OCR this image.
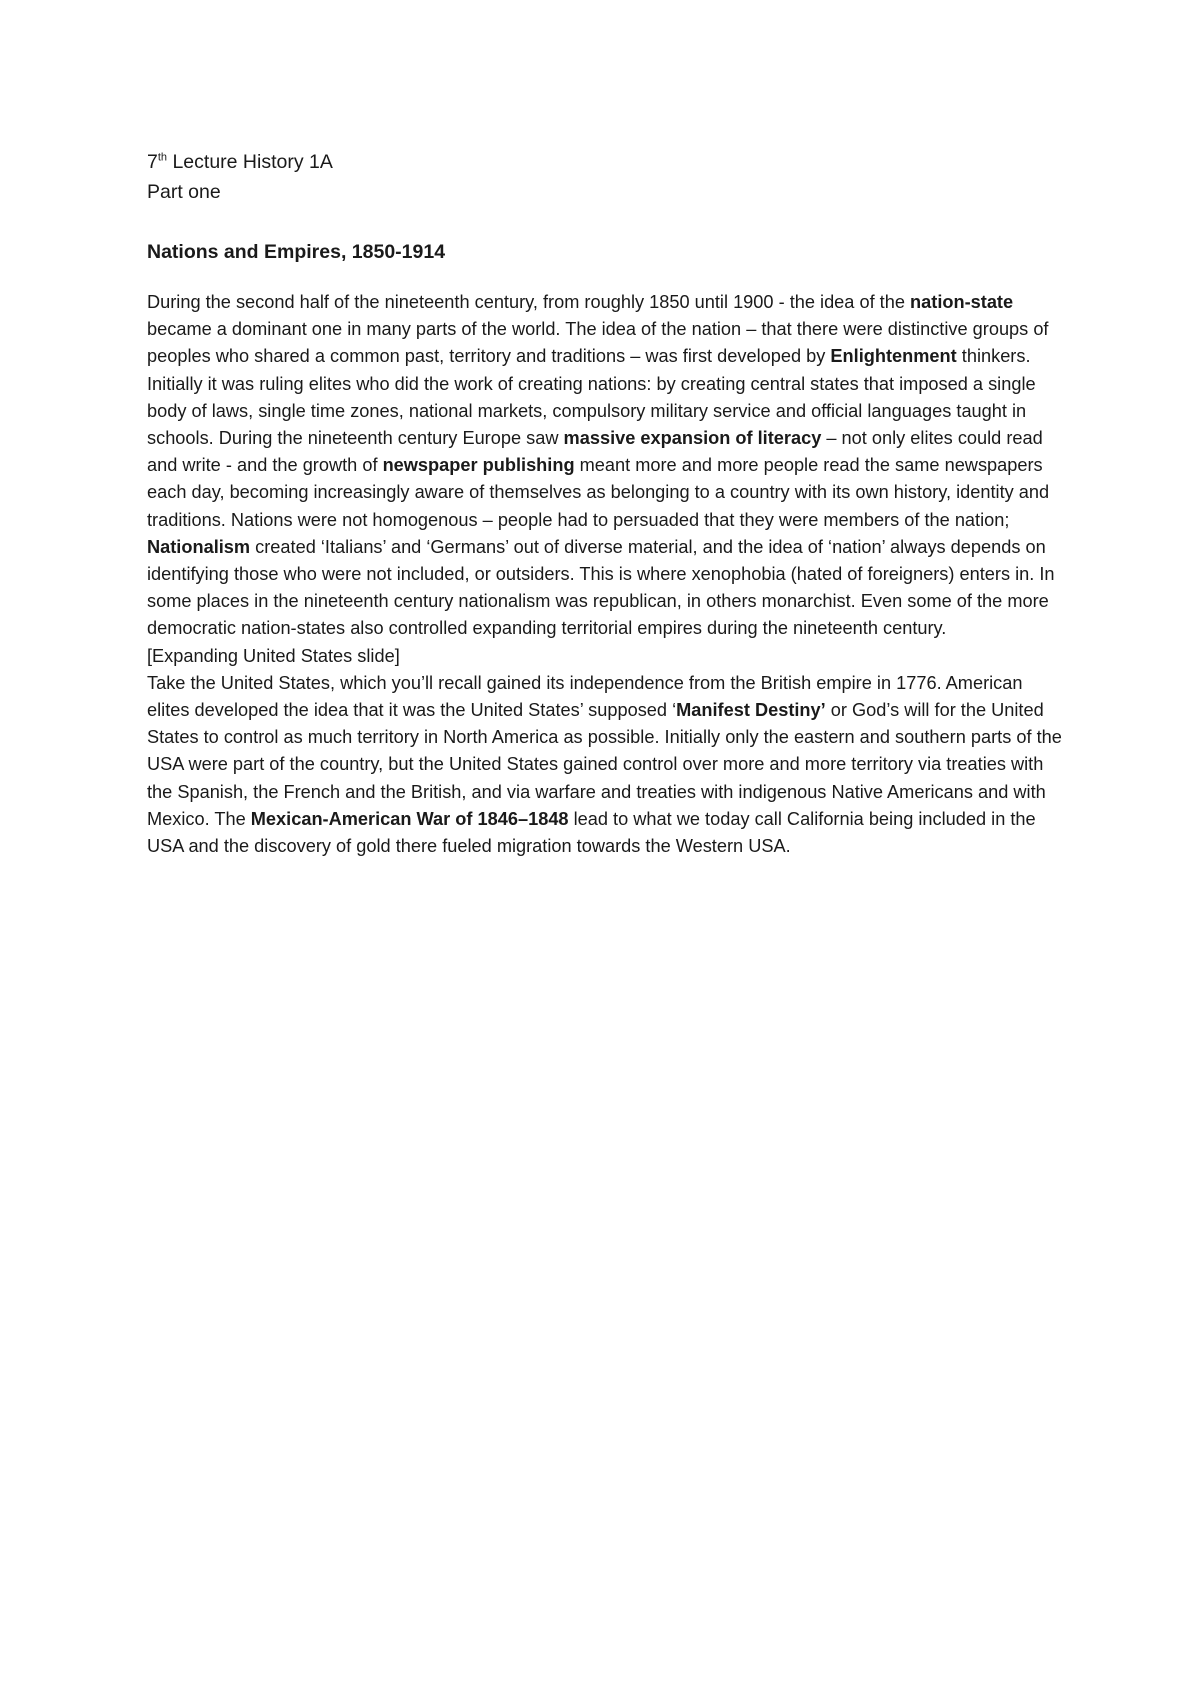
7th Lecture History 1A
Part one
Nations and Empires, 1850-1914

During the second half of the nineteenth century, from roughly 1850 until 1900 - the idea of the nation-state became a dominant one in many parts of the world. The idea of the nation – that there were distinctive groups of peoples who shared a common past, territory and traditions – was first developed by Enlightenment thinkers. Initially it was ruling elites who did the work of creating nations: by creating central states that imposed a single body of laws, single time zones, national markets, compulsory military service and official languages taught in schools. During the nineteenth century Europe saw massive expansion of literacy – not only elites could read and write - and the growth of newspaper publishing meant more and more people read the same newspapers each day, becoming increasingly aware of themselves as belonging to a country with its own history, identity and traditions. Nations were not homogenous – people had to persuaded that they were members of the nation; Nationalism created ‘Italians’ and ‘Germans’ out of diverse material, and the idea of ‘nation’ always depends on identifying those who were not included, or outsiders. This is where xenophobia (hated of foreigners) enters in. In some places in the nineteenth century nationalism was republican, in others monarchist. Even some of the more democratic nation-states also controlled expanding territorial empires during the nineteenth century.

[Expanding United States slide]

Take the United States, which you’ll recall gained its independence from the British empire in 1776. American elites developed the idea that it was the United States’ supposed ‘Manifest Destiny’ or God’s will for the United States to control as much territory in North America as possible. Initially only the eastern and southern parts of the USA were part of the country, but the United States gained control over more and more territory via treaties with the Spanish, the French and the British, and via warfare and treaties with indigenous Native Americans and with Mexico. The Mexican-American War of 1846–1848 lead to what we today call California being included in the USA and the discovery of gold there fueled migration towards the Western USA.
